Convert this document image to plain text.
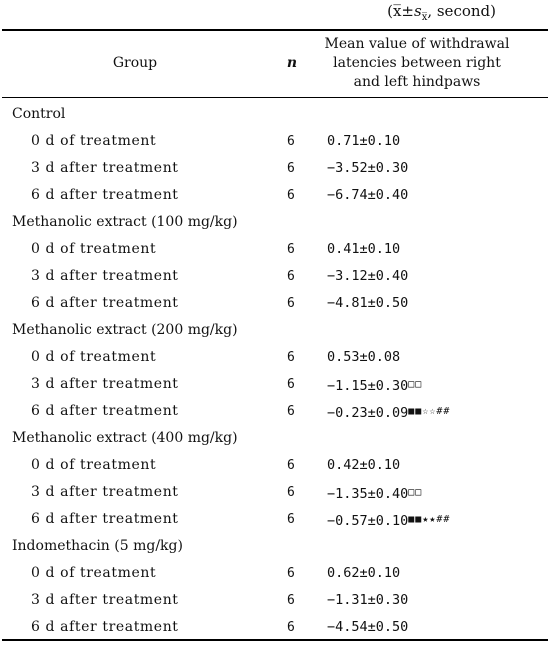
($x̅\pm s_{x̅}$, second)
Group	n
Mean value of withdrawal
latencies between right
and left hindpaws
Control
0 d of treatment	6 0.71±0.10
3 d after treatment	6 −3.52±0.30
6 d after treatment	6 −6.74±0.40
Methanolic extract (100 mg/kg)
0 d of treatment	6 0.41±0.10
3 d after treatment	6 −3.12±0.40
6 d after treatment	6 −4.81±0.50
Methanolic extract (200 mg/kg)
0 d of treatment	6 0.53±0.08
3 d after treatment	6 −1.15±0.30□□
6 d after treatment	6 −0.23±0.09■■☆☆##
Methanolic extract (400 mg/kg)
0 d of treatment	6 0.42±0.10
3 d after treatment	6 −1.35±0.40□□
6 d after treatment	6 −0.57±0.10■■★★##
Indomethacin (5 mg/kg)
0 d of treatment	6 0.62±0.10
3 d after treatment	6 −1.31±0.30
6 d after treatment	6 −4.54±0.50
